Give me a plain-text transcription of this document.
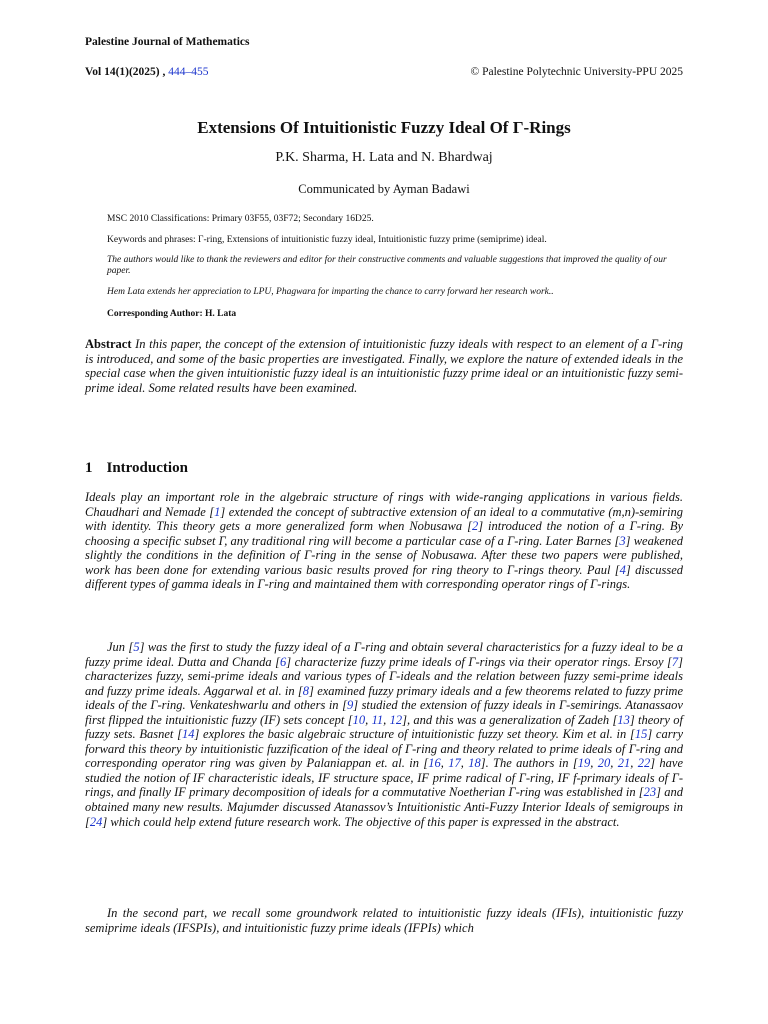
Palestine Journal of Mathematics
Vol 14(1)(2025) , 444–455	© Palestine Polytechnic University-PPU 2025
Extensions Of Intuitionistic Fuzzy Ideal Of Γ-Rings
P.K. Sharma, H. Lata and N. Bhardwaj
Communicated by Ayman Badawi
MSC 2010 Classifications: Primary 03F55, 03F72; Secondary 16D25.
Keywords and phrases: Γ-ring, Extensions of intuitionistic fuzzy ideal, Intuitionistic fuzzy prime (semiprime) ideal.
The authors would like to thank the reviewers and editor for their constructive comments and valuable suggestions that improved the quality of our paper.
Hem Lata extends her appreciation to LPU, Phagwara for imparting the chance to carry forward her research work..
Corresponding Author: H. Lata
Abstract In this paper, the concept of the extension of intuitionistic fuzzy ideals with respect to an element of a Γ-ring is introduced, and some of the basic properties are investigated. Finally, we explore the nature of extended ideals in the special case when the given intuitionistic fuzzy ideal is an intuitionistic fuzzy prime ideal or an intuitionistic fuzzy semi-prime ideal. Some related results have been examined.
1 Introduction
Ideals play an important role in the algebraic structure of rings with wide-ranging applications in various fields. Chaudhari and Nemade [1] extended the concept of subtractive extension of an ideal to a commutative (m,n)-semiring with identity. This theory gets a more generalized form when Nobusawa [2] introduced the notion of a Γ-ring. By choosing a specific subset Γ, any traditional ring will become a particular case of a Γ-ring. Later Barnes [3] weakened slightly the conditions in the definition of Γ-ring in the sense of Nobusawa. After these two papers were published, work has been done for extending various basic results proved for ring theory to Γ-rings theory. Paul [4] discussed different types of gamma ideals in Γ-ring and maintained them with corresponding operator rings of Γ-rings.
Jun [5] was the first to study the fuzzy ideal of a Γ-ring and obtain several characteristics for a fuzzy ideal to be a fuzzy prime ideal. Dutta and Chanda [6] characterize fuzzy prime ideals of Γ-rings via their operator rings. Ersoy [7] characterizes fuzzy, semi-prime ideals and various types of Γ-ideals and the relation between fuzzy semi-prime ideals and fuzzy prime ideals. Aggarwal et al. in [8] examined fuzzy primary ideals and a few theorems related to fuzzy prime ideals of the Γ-ring. Venkateshwarlu and others in [9] studied the extension of fuzzy ideals in Γ-semirings. Atanassaov first flipped the intuitionistic fuzzy (IF) sets concept [10, 11, 12], and this was a generalization of Zadeh [13] theory of fuzzy sets. Basnet [14] explores the basic algebraic structure of intuitionistic fuzzy set theory. Kim et al. in [15] carry forward this theory by intuitionistic fuzzification of the ideal of Γ-ring and theory related to prime ideals of Γ-ring and corresponding operator ring was given by Palaniappan et. al. in [16, 17, 18]. The authors in [19, 20, 21, 22] have studied the notion of IF characteristic ideals, IF structure space, IF prime radical of Γ-ring, IF f-primary ideals of Γ-rings, and finally IF primary decomposition of ideals for a commutative Noetherian Γ-ring was established in [23] and obtained many new results. Majumder discussed Atanassov’s Intuitionistic Anti-Fuzzy Interior Ideals of semigroups in [24] which could help extend future research work. The objective of this paper is expressed in the abstract.
In the second part, we recall some groundwork related to intuitionistic fuzzy ideals (IFIs), intuitionistic fuzzy semiprime ideals (IFSPIs), and intuitionistic fuzzy prime ideals (IFPIs) which
